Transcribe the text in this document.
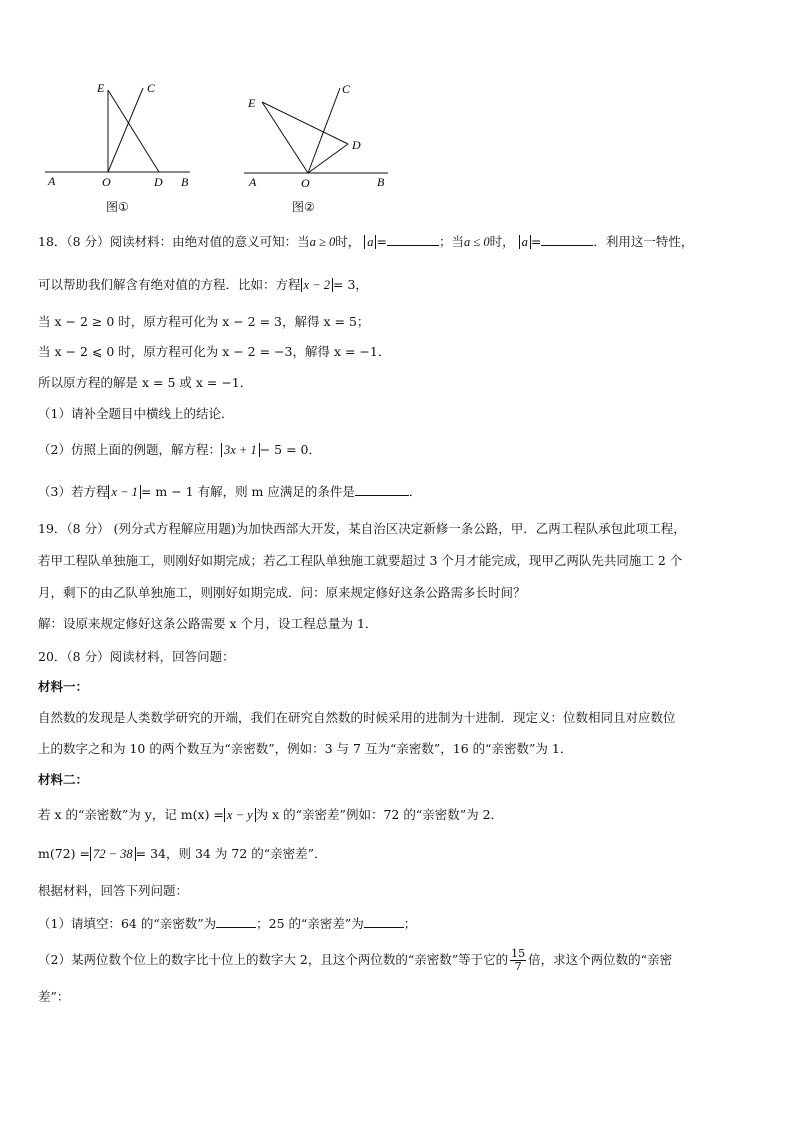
E	C
A	O	D B
图①
E
C
D
A	O	B
图②
18．（8 分）阅读材料：由绝对值的意义可知：当a ≥ 0时， a =	；当a ≤ 0时， a =	．利用这一特性，
可以帮助我们解含有绝对值的方程．比如：方程 x − 2 = 3，
当 x − 2 ≥ 0 时，原方程可化为 x − 2 = 3，解得 x = 5；
当 x − 2 ⩽ 0 时，原方程可化为 x − 2 = −3，解得 x = −1．
所以原方程的解是 x = 5 或 x = −1．
（1）请补全题目中横线上的结论．
（2）仿照上面的例题，解方程： 3x + 1 − 5 = 0．
（3）若方程 x − 1 = m − 1 有解，则 m 应满足的条件是	．
19．（8 分） (列分式方程解应用题)为加快西部大开发，某自治区决定新修一条公路，甲．乙两工程队承包此项工程，
若甲工程队单独施工，则刚好如期完成；若乙工程队单独施工就要超过 3 个月才能完成，现甲乙两队先共同施工 2 个
月，剩下的由乙队单独施工，则刚好如期完成．问：原来规定修好这条公路需多长时间？
解：设原来规定修好这条公路需要 x 个月，设工程总量为 1．
20．（8 分）阅读材料，回答问题：
材料一：
自然数的发现是人类数学研究的开端，我们在研究自然数的时候采用的进制为十进制．现定义：位数相同且对应数位
上的数字之和为 10 的两个数互为“亲密数”，例如：3 与 7 互为“亲密数”，16 的“亲密数”为 1．
材料二：
若 x 的“亲密数”为 y，记 m(x) = x − y 为 x 的“亲密差”例如：72 的“亲密数”为 2．
m(72) = 72 − 38 = 34，则 34 为 72 的“亲密差”．
根据材料，回答下列问题：
（1）请填空：64 的“亲密数”为	；25 的“亲密差”为	；
（2）某两位数个位上的数字比十位上的数字大 2，且这个两位数的“亲密数”等于它的 $\frac{15}{7}$ 倍，求这个两位数的“亲密
差”：
